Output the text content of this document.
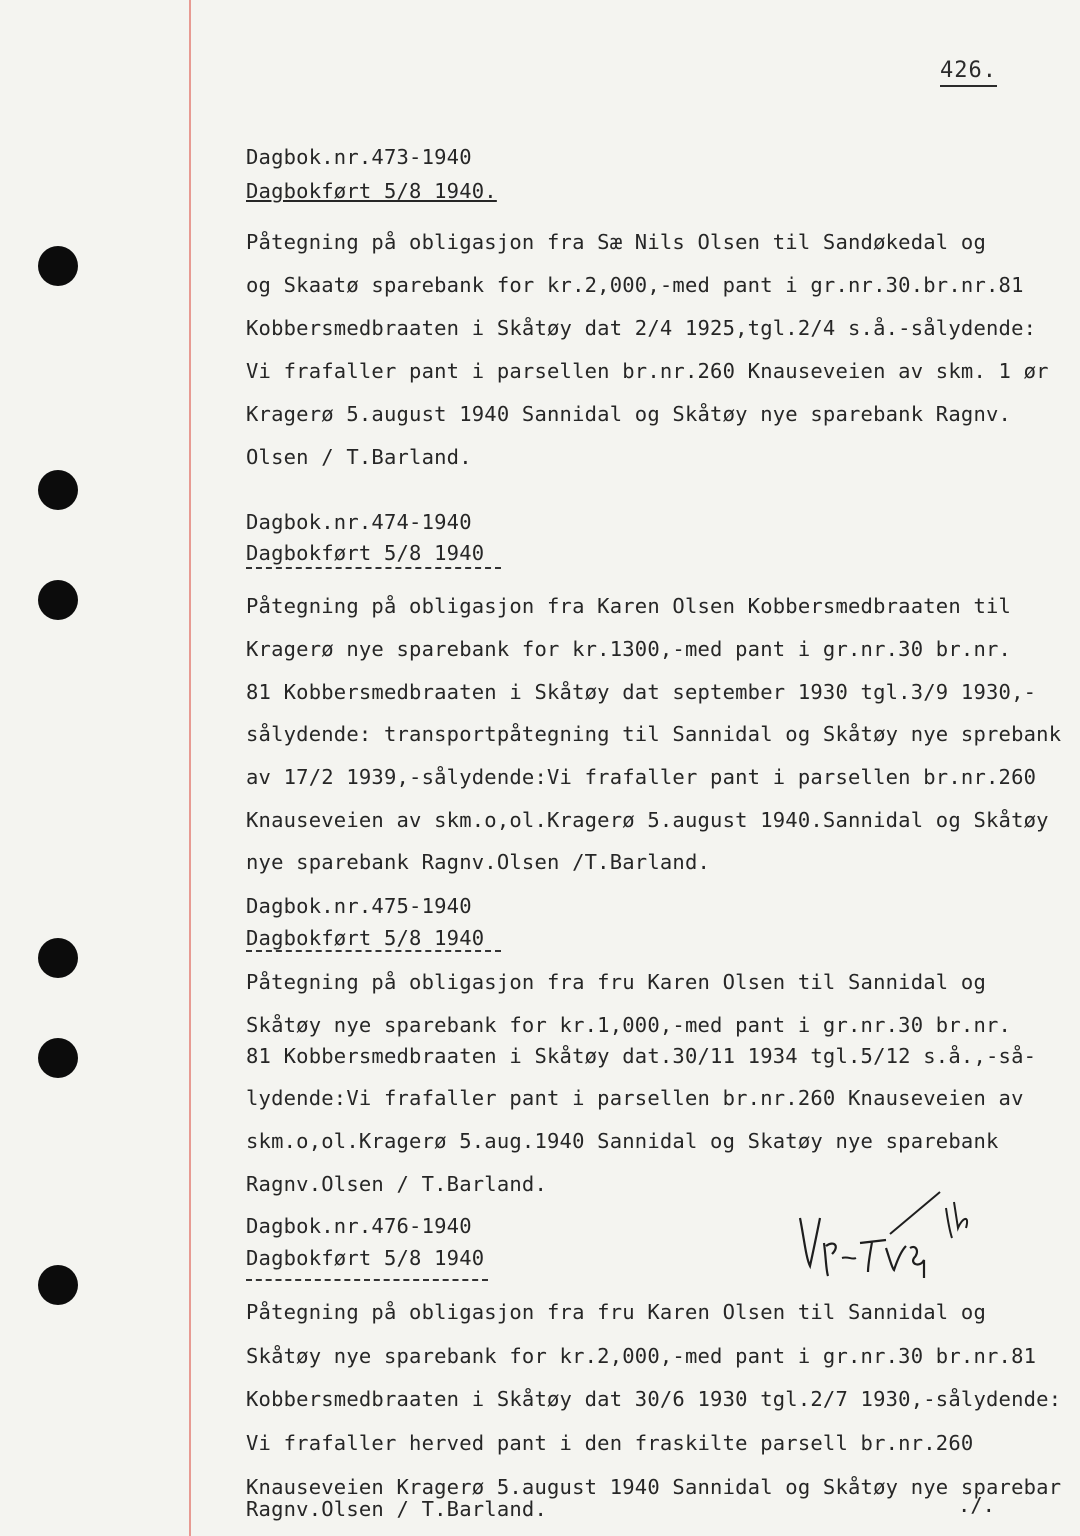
426.
Dagbok.nr.473-1940
Dagbokført 5/8 1940.
Påtegning på obligasjon fra Sæ Nils Olsen til Sandøkedal og
og Skaatø sparebank for kr.2,000,-med pant i gr.nr.30.br.nr.81
Kobbersmedbraaten i Skåtøy dat 2/4 1925,tgl.2/4 s.å.-sålydende:
Vi frafaller pant i parsellen br.nr.260 Knauseveien av skm. 1 ør
Kragerø 5.august 1940 Sannidal og Skåtøy nye sparebank Ragnv.
Olsen / T.Barland.
Dagbok.nr.474-1940
Dagbokført 5/8 1940
Påtegning på obligasjon fra Karen Olsen Kobbersmedbraaten til
Kragerø nye sparebank for kr.1300,-med pant i gr.nr.30 br.nr.
81 Kobbersmedbraaten i Skåtøy dat september 1930 tgl.3/9 1930,-
sålydende: transportpåtegning til Sannidal og Skåtøy nye sprebank
av 17/2 1939,-sålydende:Vi frafaller pant i parsellen br.nr.260
Knauseveien av skm.o,ol.Kragerø 5.august 1940.Sannidal og Skåtøy
nye sparebank Ragnv.Olsen /T.Barland.
Dagbok.nr.475-1940
Dagbokført 5/8 1940
Påtegning på obligasjon fra fru Karen Olsen til Sannidal og
Skåtøy nye sparebank for kr.1,000,-med pant i gr.nr.30 br.nr.
81 Kobbersmedbraaten i Skåtøy dat.30/11 1934 tgl.5/12 s.å.,-så-
lydende:Vi frafaller pant i parsellen br.nr.260 Knauseveien av
skm.o,ol.Kragerø 5.aug.1940 Sannidal og Skatøy nye sparebank
Ragnv.Olsen / T.Barland.
Dagbok.nr.476-1940
Dagbokført 5/8 1940
Påtegning på obligasjon fra fru Karen Olsen til Sannidal og
Skåtøy nye sparebank for kr.2,000,-med pant i gr.nr.30 br.nr.81
Kobbersmedbraaten i Skåtøy dat 30/6 1930 tgl.2/7 1930,-sålydende:
Vi frafaller herved pant i den fraskilte parsell br.nr.260
Knauseveien Kragerø 5.august 1940 Sannidal og Skåtøy nye sparebar
Ragnv.Olsen / T.Barland.	./.
